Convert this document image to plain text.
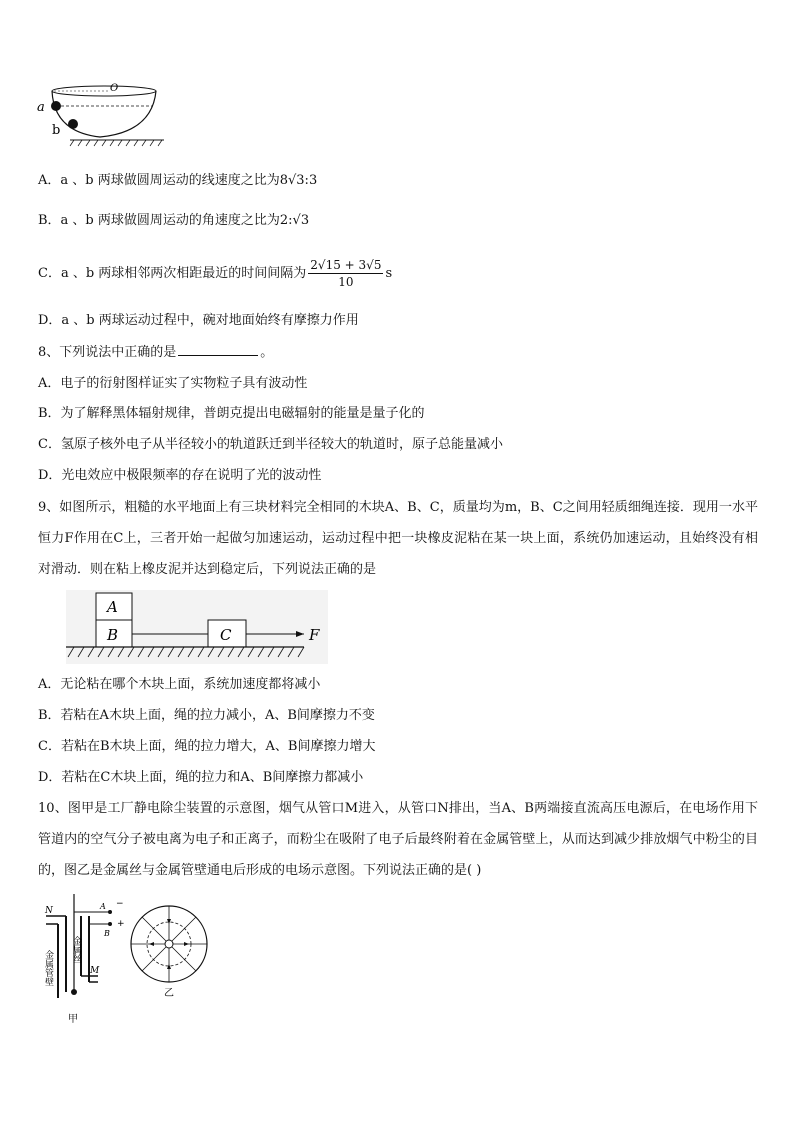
O
a
b
A．a 、b 两球做圆周运动的线速度之比为8√3:3
B．a 、b 两球做圆周运动的角速度之比为2:√3
C．a 、b 两球相邻两次相距最近的时间间隔为 $\frac{2√15 + 3√5}{10}$ s
D．a 、b 两球运动过程中，碗对地面始终有摩擦力作用
8、下列说法中正确的是	。
A．电子的衍射图样证实了实物粒子具有波动性
B．为了解释黑体辐射规律，普朗克提出电磁辐射的能量是量子化的
C．氢原子核外电子从半径较小的轨道跃迁到半径较大的轨道时，原子总能量减小
D．光电效应中极限频率的存在说明了光的波动性
9、如图所示，粗糙的水平地面上有三块材料完全相同的木块A、B、C，质量均为m，B、C之间用轻质细绳连接．现用一水平恒力F作用在C上，三者开始一起做匀加速运动，运动过程中把一块橡皮泥粘在某一块上面，系统仍加速运动，且始终没有相对滑动．则在粘上橡皮泥并达到稳定后，下列说法正确的是
A
B	C	F
A．无论粘在哪个木块上面，系统加速度都将减小
B．若粘在A木块上面，绳的拉力减小，A、B间摩擦力不变
C．若粘在B木块上面，绳的拉力增大，A、B间摩擦力增大
D．若粘在C木块上面，绳的拉力和A、B间摩擦力都减小
10、图甲是工厂静电除尘装置的示意图，烟气从管口M进入，从管口N排出，当A、B两端接直流高压电源后，在电场作用下管道内的空气分子被电离为电子和正离子，而粉尘在吸附了电子后最终附着在金属管壁上，从而达到减少排放烟气中粉尘的目的，图乙是金属丝与金属管壁通电后形成的电场示意图。下列说法正确的是( )
N	A −
B
+
M
金属丝
金属管壁
甲
乙
